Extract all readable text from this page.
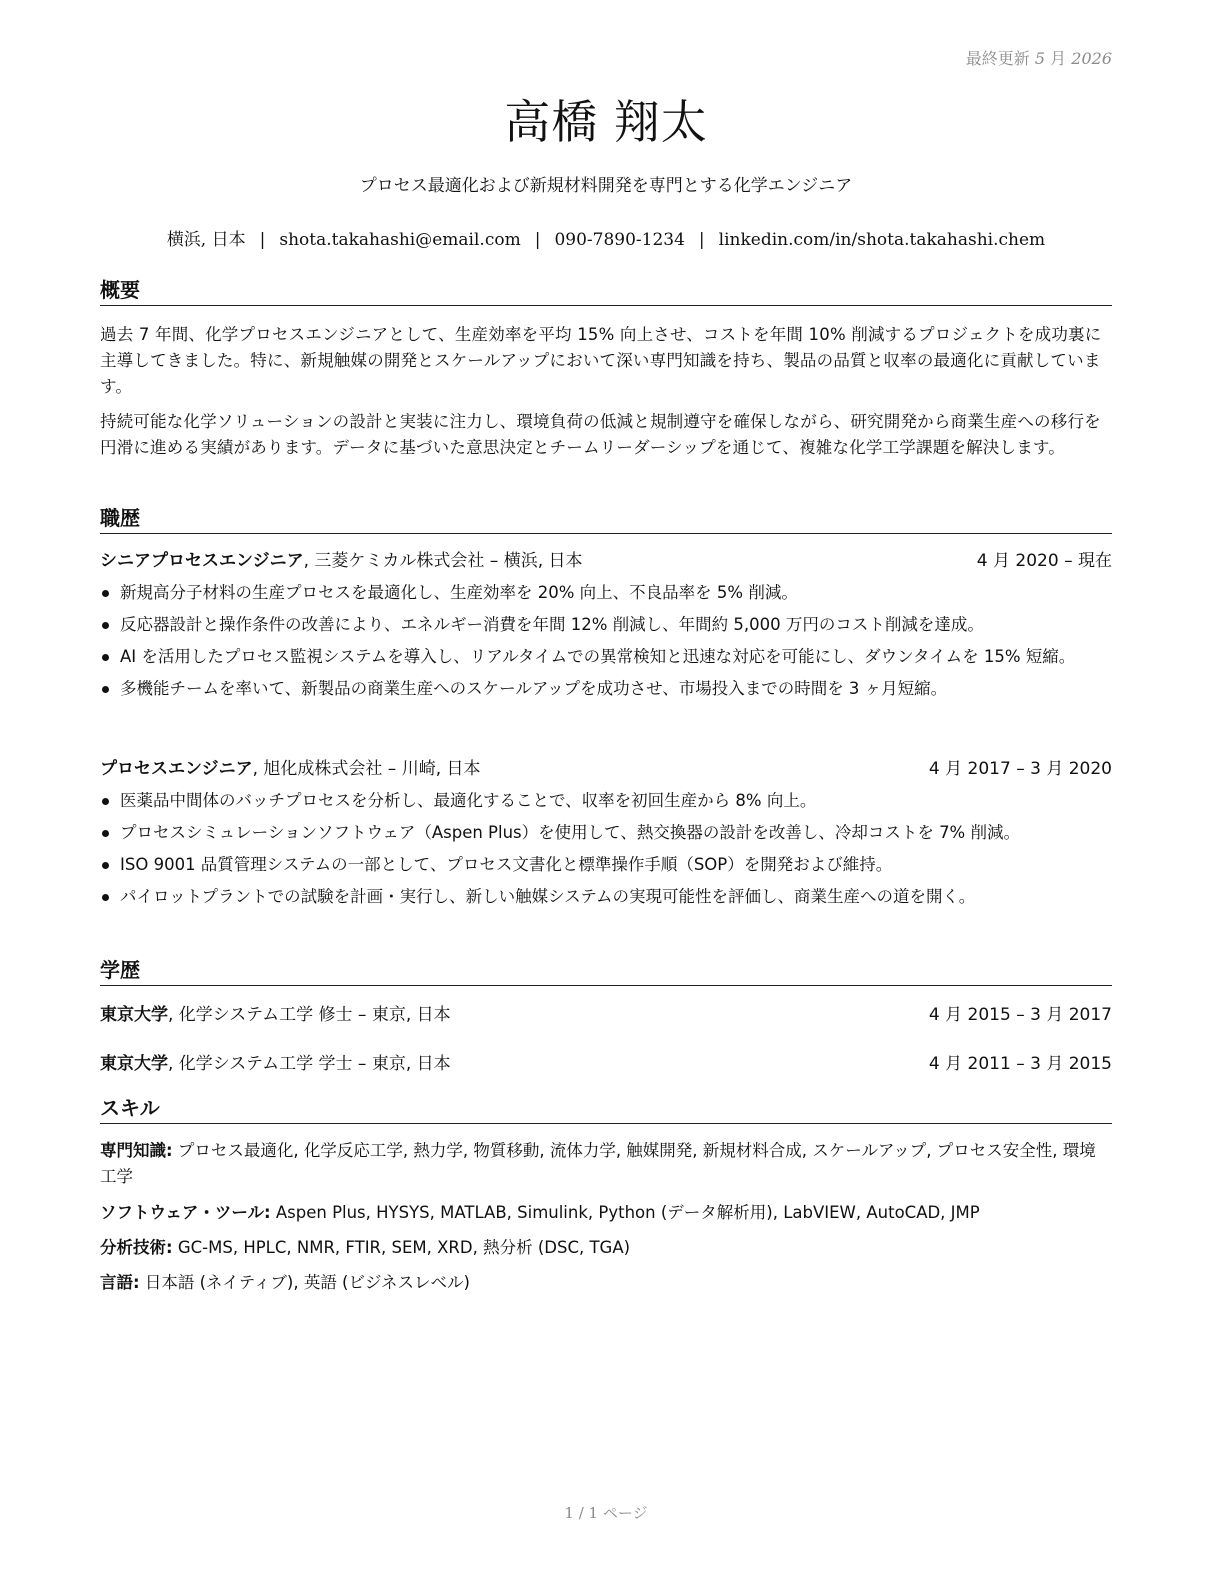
最終更新 5 月 2026
高橋 翔太
プロセス最適化および新規材料開発を専門とする化学エンジニア
横浜, 日本 | shota.takahashi@email.com | 090-7890-1234 | linkedin.com/in/shota.takahashi.chem
概要
過去 7 年間、化学プロセスエンジニアとして、生産効率を平均 15% 向上させ、コストを年間 10% 削減するプロジェクトを成功裏に主導してきました。特に、新規触媒の開発とスケールアップにおいて深い専門知識を持ち、製品の品質と収率の最適化に貢献しています。
持続可能な化学ソリューションの設計と実装に注力し、環境負荷の低減と規制遵守を確保しながら、研究開発から商業生産への移行を円滑に進める実績があります。データに基づいた意思決定とチームリーダーシップを通じて、複雑な化学工学課題を解決します。
職歴
シニアプロセスエンジニア, 三菱ケミカル株式会社 – 横浜, 日本	4 月 2020 – 現在
新規高分子材料の生産プロセスを最適化し、生産効率を 20% 向上、不良品率を 5% 削減。
反応器設計と操作条件の改善により、エネルギー消費を年間 12% 削減し、年間約 5,000 万円のコスト削減を達成。
AI を活用したプロセス監視システムを導入し、リアルタイムでの異常検知と迅速な対応を可能にし、ダウンタイムを 15% 短縮。
多機能チームを率いて、新製品の商業生産へのスケールアップを成功させ、市場投入までの時間を 3 ヶ月短縮。
プロセスエンジニア, 旭化成株式会社 – 川崎, 日本	4 月 2017 – 3 月 2020
医薬品中間体のバッチプロセスを分析し、最適化することで、収率を初回生産から 8% 向上。
プロセスシミュレーションソフトウェア（Aspen Plus）を使用して、熱交換器の設計を改善し、冷却コストを 7% 削減。
ISO 9001 品質管理システムの一部として、プロセス文書化と標準操作手順（SOP）を開発および維持。
パイロットプラントでの試験を計画・実行し、新しい触媒システムの実現可能性を評価し、商業生産への道を開く。
学歴
東京大学, 化学システム工学 修士 – 東京, 日本	4 月 2015 – 3 月 2017
東京大学, 化学システム工学 学士 – 東京, 日本	4 月 2011 – 3 月 2015
スキル
専門知識: プロセス最適化, 化学反応工学, 熱力学, 物質移動, 流体力学, 触媒開発, 新規材料合成, スケールアップ, プロセス安全性, 環境工学
ソフトウェア・ツール: Aspen Plus, HYSYS, MATLAB, Simulink, Python (データ解析用), LabVIEW, AutoCAD, JMP
分析技術: GC-MS, HPLC, NMR, FTIR, SEM, XRD, 熱分析 (DSC, TGA)
言語: 日本語 (ネイティブ), 英語 (ビジネスレベル)
1 / 1 ページ
